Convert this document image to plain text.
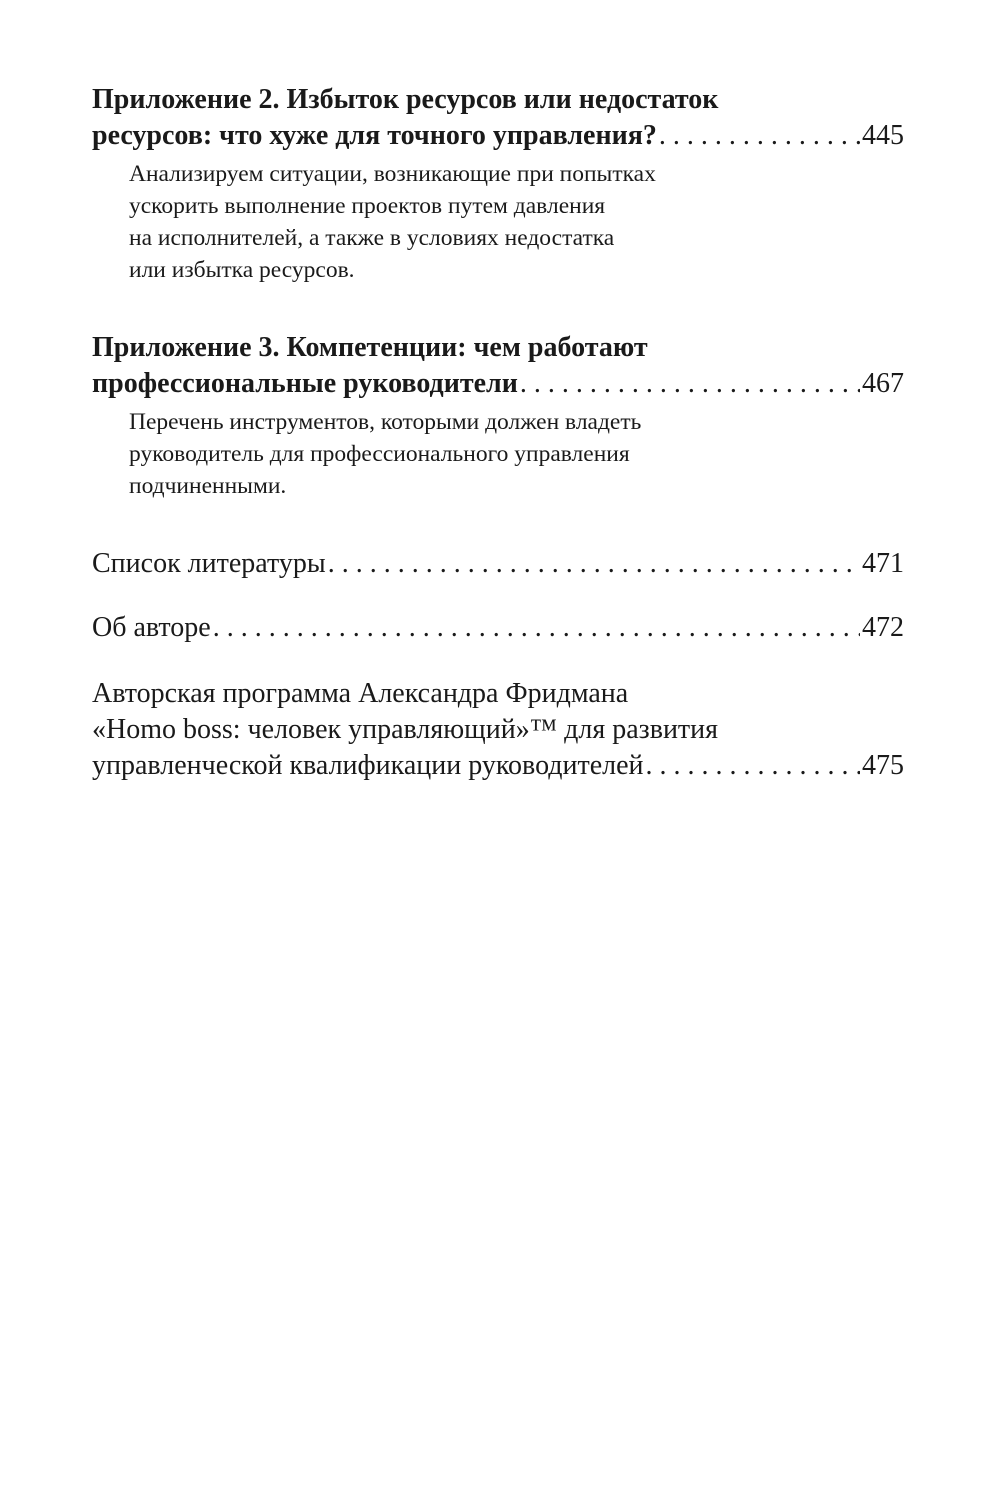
Приложение 2. Избыток ресурсов или недостаток
ресурсов: что хуже для точного управления? . . .	445
Анализируем ситуации, возникающие при попытках
ускорить выполнение проектов путем давления
на исполнителей, а также в условиях недостатка
или избытка ресурсов.
Приложение 3. Компетенции: чем работают
профессиональные руководители . . .	467
Перечень инструментов, которыми должен владеть
руководитель для профессионального управления
подчиненными.
Список литературы . . .	471
Об авторе . . .	472
Авторская программа Александра Фридмана
«Homo boss: человек управляющий»™ для развития
управленческой квалификации руководителей . . .	475
